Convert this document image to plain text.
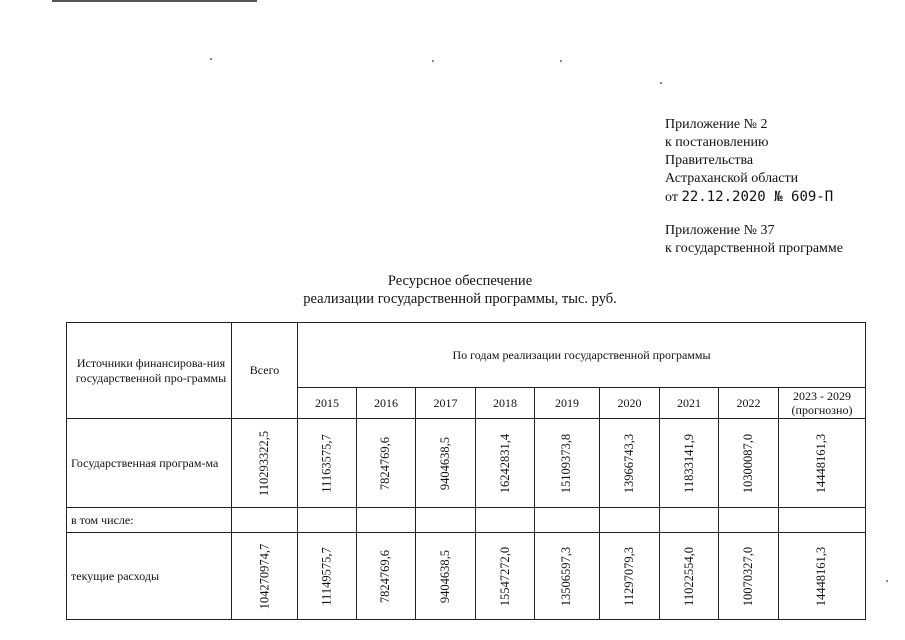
Приложение № 2
к постановлению
Правительства
Астраханской области
от 22.12.2020 № 609-П
Приложение № 37
к государственной программе
Ресурсное обеспечение
реализации государственной программы, тыс. руб.
Источники финансирова-ния государственной про-граммы	Всего	По годам реализации государственной программы								
		2015	2016	2017	2018	2019	2020	2021	2022	2023 - 2029 (прогнозно)
Государственная програм-ма	110293322,5	11163575,7	7824769,6	9404638,5	16242831,4	15109373,8	13966743,3	11833141,9	10300087,0	14448161,3
в том числе:										
текущие расходы	104270974,7	11149575,7	7824769,6	9404638,5	15547272,0	13506597,3	11297079,3	11022554,0	10070327,0	14448161,3
